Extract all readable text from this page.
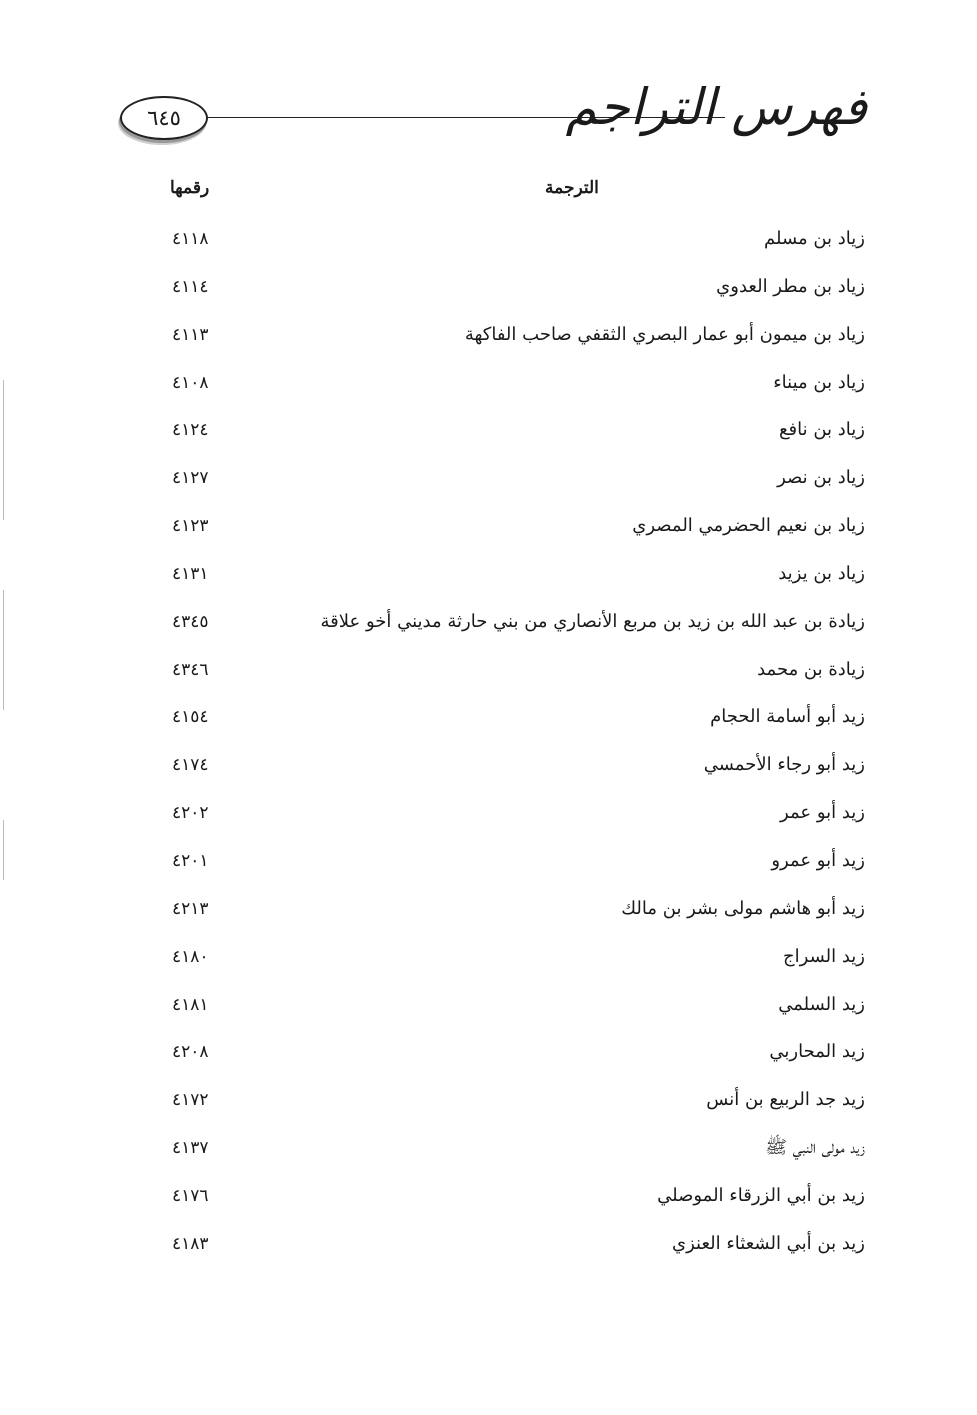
فهرس التراجم
٦٤٥
الترجمة
رقمها
زياد بن مسلم
٤١١٨
زياد بن مطر العدوي
٤١١٤
زياد بن ميمون أبو عمار البصري الثقفي صاحب الفاكهة
٤١١٣
زياد بن ميناء
٤١٠٨
زياد بن نافع
٤١٢٤
زياد بن نصر
٤١٢٧
زياد بن نعيم الحضرمي المصري
٤١٢٣
زياد بن يزيد
٤١٣١
زيادة بن عبد الله بن زيد بن مربع الأنصاري من بني حارثة مديني أخو علاقة
٤٣٤٥
زيادة بن محمد
٤٣٤٦
زيد أبو أسامة الحجام
٤١٥٤
زيد أبو رجاء الأحمسي
٤١٧٤
زيد أبو عمر
٤٢٠٢
زيد أبو عمرو
٤٢٠١
زيد أبو هاشم مولى بشر بن مالك
٤٢١٣
زيد السراج
٤١٨٠
زيد السلمي
٤١٨١
زيد المحاربي
٤٢٠٨
زيد جد الربيع بن أنس
٤١٧٢
زيد مولى النبي ﷺ
٤١٣٧
زيد بن أبي الزرقاء الموصلي
٤١٧٦
زيد بن أبي الشعثاء العنزي
٤١٨٣
